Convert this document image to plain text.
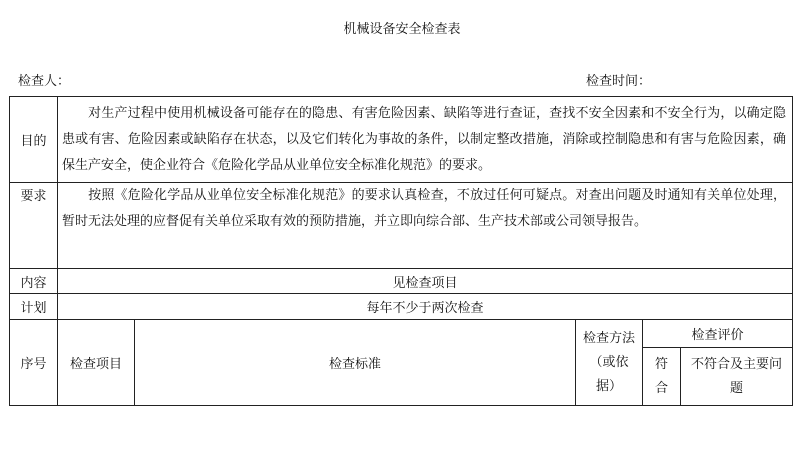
机械设备安全检查表
检查人：	检查时间：
目的	对生产过程中使用机械设备可能存在的隐患、有害危险因素、缺陷等进行查证，查找不安全因素和不安全行为，以确定隐患或有害、危险因素或缺陷存在状态，以及它们转化为事故的条件，以制定整改措施，消除或控制隐患和有害与危险因素，确保生产安全，使企业符合《危险化学品从业单位安全标准化规范》的要求。				
要求	按照《危险化学品从业单位安全标准化规范》的要求认真检查，不放过任何可疑点。对查出问题及时通知有关单位处理，暂时无法处理的应督促有关单位采取有效的预防措施，并立即向综合部、生产技术部或公司领导报告。				
内容	见检查项目				
计划	每年不少于两次检查				
序号	检查项目	检查标准	检查方法（或依据）	检查评价	
				符合	不符合及主要问题
